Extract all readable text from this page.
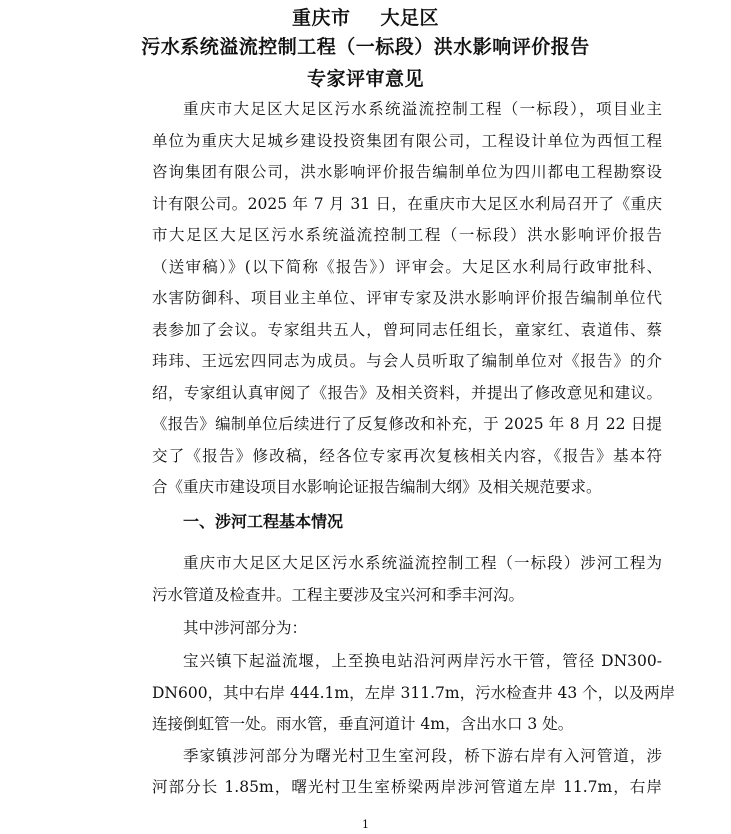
重庆市 大足区
污水系统溢流控制工程（一标段）洪水影响评价报告
专家评审意见
重庆市大足区大足区污水系统溢流控制工程（一标段），项目业主
单位为重庆大足城乡建设投资集团有限公司，工程设计单位为西恒工程
咨询集团有限公司，洪水影响评价报告编制单位为四川都电工程勘察设
计有限公司。2025 年 7 月 31 日，在重庆市大足区水利局召开了《重庆
市大足区大足区污水系统溢流控制工程（一标段）洪水影响评价报告
（送审稿）》(以下简称《报告》）评审会。大足区水利局行政审批科、
水害防御科、项目业主单位、评审专家及洪水影响评价报告编制单位代
表参加了会议。专家组共五人，曾珂同志任组长，童家红、袁道伟、蔡
玮玮、王远宏四同志为成员。与会人员听取了编制单位对《报告》的介
绍，专家组认真审阅了《报告》及相关资料，并提出了修改意见和建议。
《报告》编制单位后续进行了反复修改和补充，于 2025 年 8 月 22 日提
交了《报告》修改稿，经各位专家再次复核相关内容，《报告》基本符
合《重庆市建设项目水影响论证报告编制大纲》及相关规范要求。
一、涉河工程基本情况
重庆市大足区大足区污水系统溢流控制工程（一标段）涉河工程为
污水管道及检查井。工程主要涉及宝兴河和季丰河沟。
其中涉河部分为：
宝兴镇下起溢流堰，上至换电站沿河两岸污水干管，管径 DN300-
DN600，其中右岸 444.1m，左岸 311.7m，污水检查井 43 个，以及两岸
连接倒虹管一处。雨水管，垂直河道计 4m，含出水口 3 处。
季家镇涉河部分为曙光村卫生室河段，桥下游右岸有入河管道，涉
河部分长 1.85m，曙光村卫生室桥梁两岸涉河管道左岸 11.7m，右岸
1
